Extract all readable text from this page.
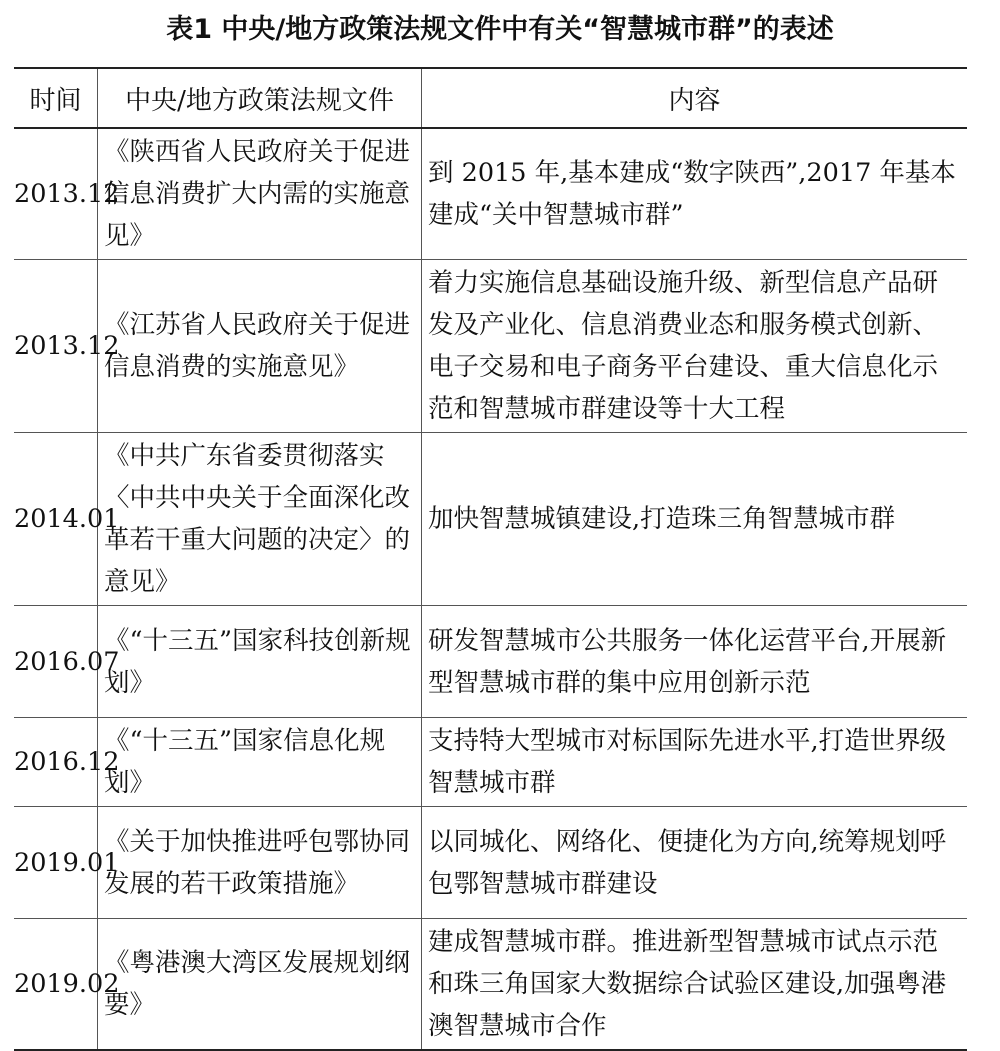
表1 中央/地方政策法规文件中有关“智慧城市群”的表述
时间	中央/地方政策法规文件	内容
2013.12	《陕西省人民政府关于促进信息消费扩大内需的实施意见》	到 2015 年,基本建成“数字陕西”,2017 年基本建成“关中智慧城市群”
2013.12	《江苏省人民政府关于促进信息消费的实施意见》	着力实施信息基础设施升级、新型信息产品研发及产业化、信息消费业态和服务模式创新、电子交易和电子商务平台建设、重大信息化示范和智慧城市群建设等十大工程
2014.01	《中共广东省委贯彻落实〈中共中央关于全面深化改革若干重大问题的决定〉的意见》	加快智慧城镇建设,打造珠三角智慧城市群
2016.07	《“十三五”国家科技创新规划》	研发智慧城市公共服务一体化运营平台,开展新型智慧城市群的集中应用创新示范
2016.12	《“十三五”国家信息化规划》	支持特大型城市对标国际先进水平,打造世界级智慧城市群
2019.01	《关于加快推进呼包鄂协同发展的若干政策措施》	以同城化、网络化、便捷化为方向,统筹规划呼包鄂智慧城市群建设
2019.02	《粤港澳大湾区发展规划纲要》	建成智慧城市群。推进新型智慧城市试点示范和珠三角国家大数据综合试验区建设,加强粤港澳智慧城市合作
